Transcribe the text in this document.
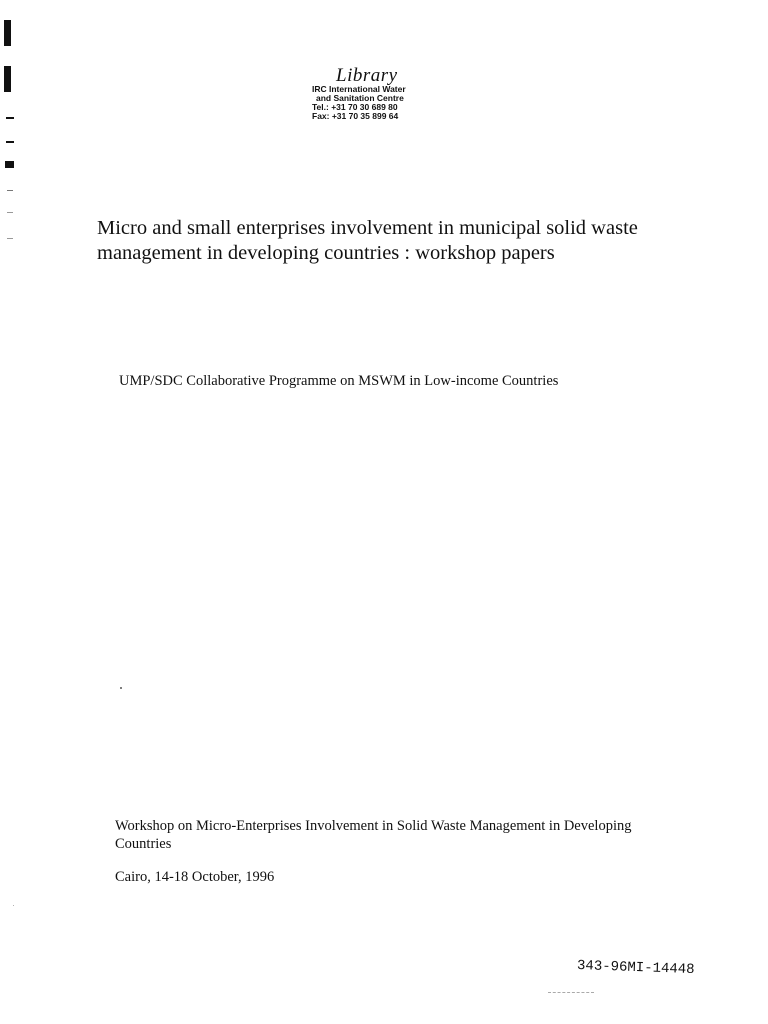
Library
IRC International Water
and Sanitation Centre
Tel.: +31 70 30 689 80
Fax: +31 70 35 899 64
Micro and small enterprises involvement in municipal solid waste management in developing countries : workshop papers

UMP/SDC Collaborative Programme on MSWM in Low-income Countries

Workshop on Micro-Enterprises Involvement in Solid Waste Management in Developing Countries

Cairo, 14-18 October, 1996

343-96MI-14448
